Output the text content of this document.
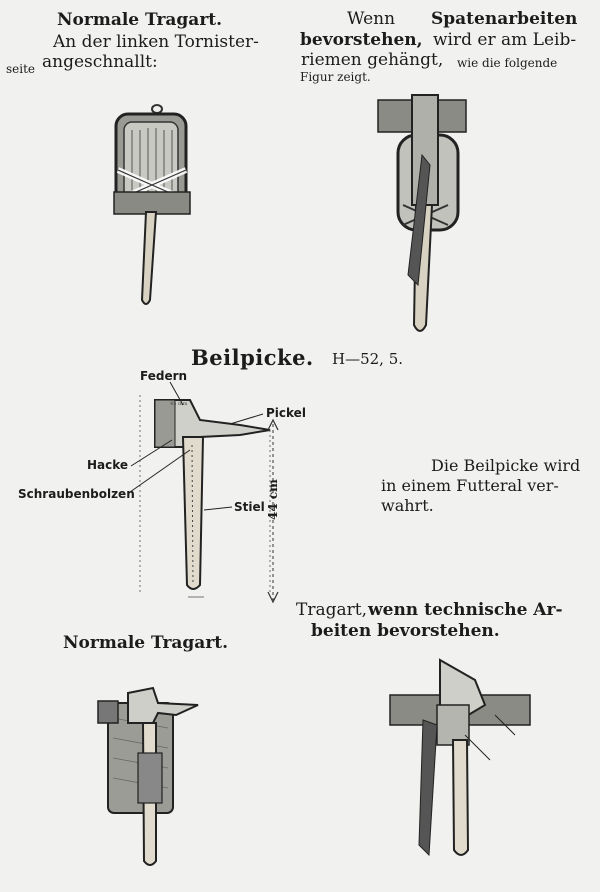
Normale Tragart.
An der linken Tornister-
seite angeschnallt:
Wenn Spatenarbeiten
bevorstehen, wird er am Leib-
riemen gehängt, wie die folgende
Figur zeigt.
Beilpicke. H—52, 5.
45 mm
44 cm
Federn
Pickel
Hacke
Schraubenbolzen
Stiel
Die Beilpicke wird
in einem Futteral ver-
wahrt.
Tragart, wenn technische Ar-
beiten bevorstehen.
Normale Tragart.
